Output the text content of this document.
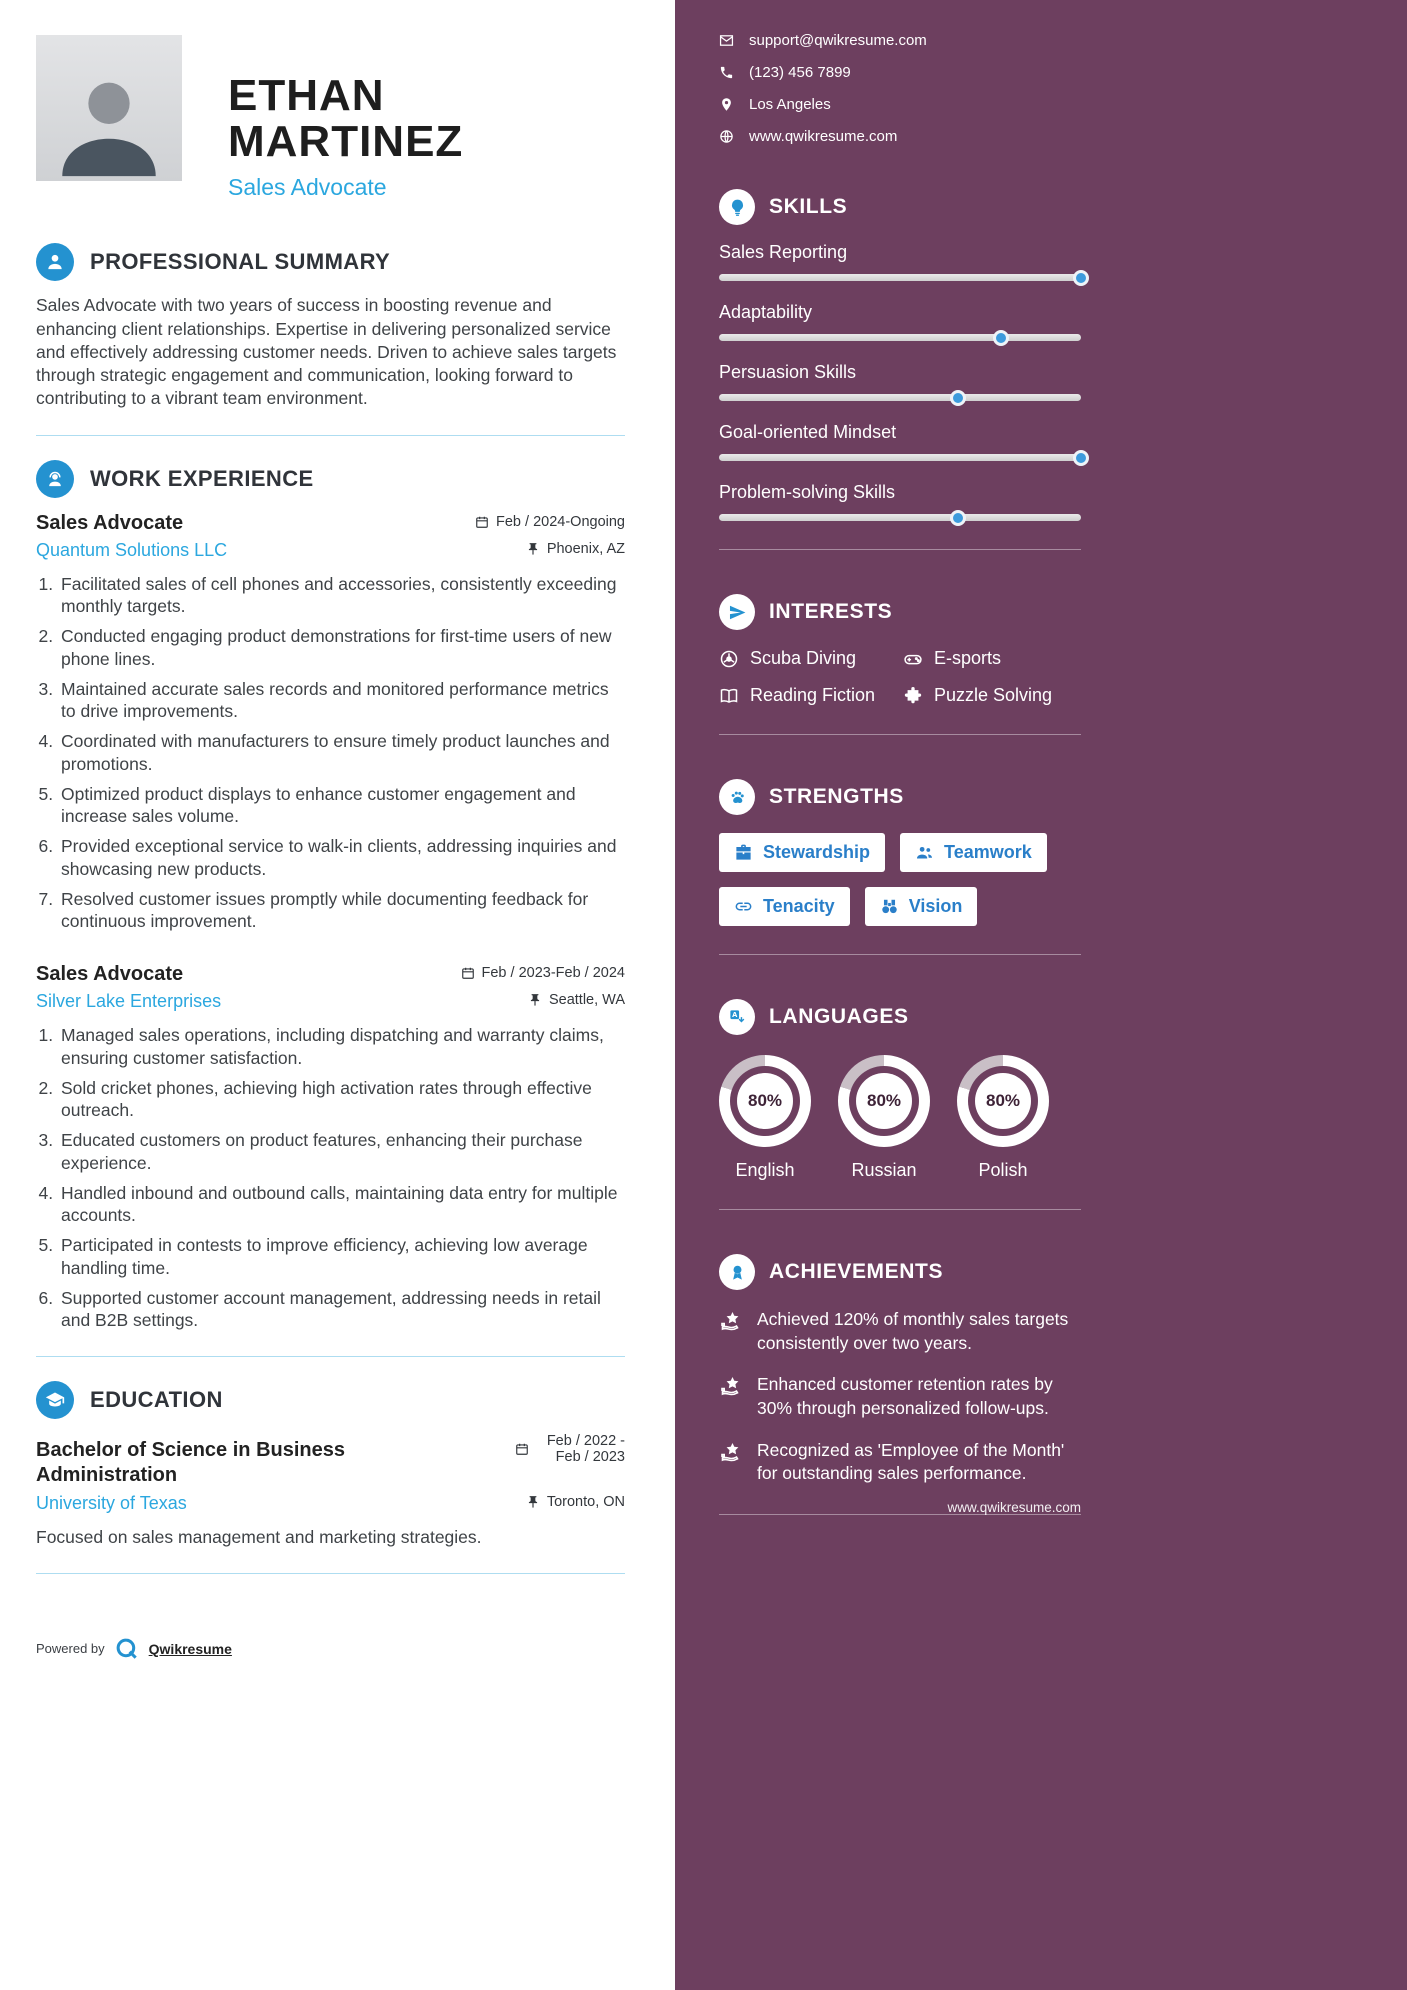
ETHAN MARTINEZ
Sales Advocate
PROFESSIONAL SUMMARY

Sales Advocate with two years of success in boosting revenue and enhancing client relationships. Expertise in delivering personalized service and effectively addressing customer needs. Driven to achieve sales targets through strategic engagement and communication, looking forward to contributing to a vibrant team environment.

WORK EXPERIENCE
Sales Advocate	Feb / 2024-Ongoing
Quantum Solutions LLC	Phoenix, AZ
1. Facilitated sales of cell phones and accessories, consistently exceeding monthly targets.
2. Conducted engaging product demonstrations for first-time users of new phone lines.
3. Maintained accurate sales records and monitored performance metrics to drive improvements.
4. Coordinated with manufacturers to ensure timely product launches and promotions.
5. Optimized product displays to enhance customer engagement and increase sales volume.
6. Provided exceptional service to walk-in clients, addressing inquiries and showcasing new products.
7. Resolved customer issues promptly while documenting feedback for continuous improvement.
Sales Advocate	Feb / 2023-Feb / 2024
Silver Lake Enterprises	Seattle, WA
1. Managed sales operations, including dispatching and warranty claims, ensuring customer satisfaction.
2. Sold cricket phones, achieving high activation rates through effective outreach.
3. Educated customers on product features, enhancing their purchase experience.
4. Handled inbound and outbound calls, maintaining data entry for multiple accounts.
5. Participated in contests to improve efficiency, achieving low average handling time.
6. Supported customer account management, addressing needs in retail and B2B settings.
EDUCATION
Bachelor of Science in Business Administration
Feb / 2022 - Feb / 2023
University of Texas	Toronto, ON

Focused on sales management and marketing strategies.

Powered by	Qwikresume
support@qwikresume.com
(123) 456 7899
Los Angeles
www.qwikresume.com
SKILLS
Sales Reporting
Adaptability
Persuasion Skills
Goal-oriented Mindset
Problem-solving Skills
INTERESTS
Scuba Diving	E-sports
Reading Fiction	Puzzle Solving
STRENGTHS
Stewardship	Teamwork
Tenacity	Vision
A LANGUAGES
80%
English
80%
Russian
80%
Polish
ACHIEVEMENTS
Achieved 120% of monthly sales targets consistently over two years.
Enhanced customer retention rates by 30% through personalized follow-ups.
Recognized as 'Employee of the Month' for outstanding sales performance.
www.qwikresume.com
